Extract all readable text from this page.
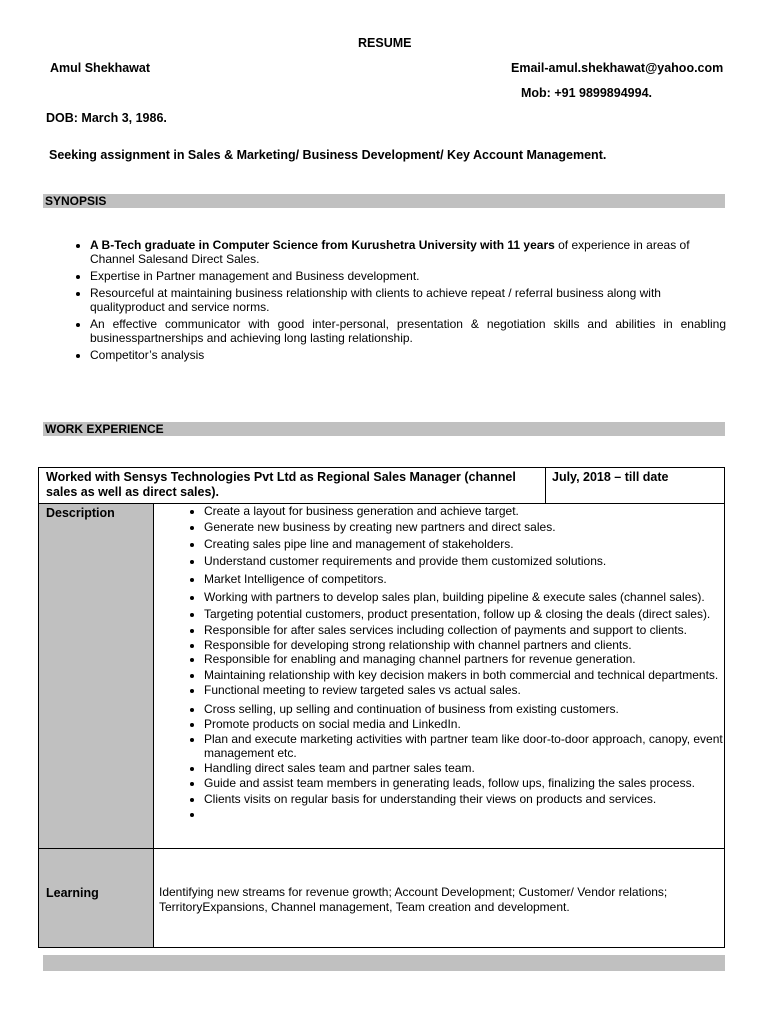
RESUME
Amul Shekhawat	Email-amul.shekhawat@yahoo.com
Mob: +91 9899894994.
DOB: March 3, 1986.
Seeking assignment in Sales & Marketing/ Business Development/ Key Account Management.
SYNOPSIS
• A B-Tech graduate in Computer Science from Kurushetra University with 11 years of experience in areas of Channel Salesand Direct Sales.
• Expertise in Partner management and Business development.
• Resourceful at maintaining business relationship with clients to achieve repeat / referral business along with qualityproduct and service norms.
• An effective communicator with good inter-personal, presentation & negotiation skills and abilities in enabling businesspartnerships and achieving long lasting relationship.
• Competitor’s analysis
WORK EXPERIENCE
Worked with Sensys Technologies Pvt Ltd as Regional Sales Manager (channel sales as well as direct sales).
July, 2018 – till date
Description
Learning
• Create a layout for business generation and achieve target.
• Generate new business by creating new partners and direct sales.
• Creating sales pipe line and management of stakeholders.
• Understand customer requirements and provide them customized solutions.
• Market Intelligence of competitors.
• Working with partners to develop sales plan, building pipeline & execute sales (channel sales).
• Targeting potential customers, product presentation, follow up & closing the deals (direct sales).
• Responsible for after sales services including collection of payments and support to clients.
• Responsible for developing strong relationship with channel partners and clients.
• Responsible for enabling and managing channel partners for revenue generation.
• Maintaining relationship with key decision makers in both commercial and technical departments.
• Functional meeting to review targeted sales vs actual sales.
• Cross selling, up selling and continuation of business from existing customers.
• Promote products on social media and LinkedIn.
• Plan and execute marketing activities with partner team like door-to-door approach, canopy, event management etc.
• Handling direct sales team and partner sales team.
• Guide and assist team members in generating leads, follow ups, finalizing the sales process.
• Clients visits on regular basis for understanding their views on products and services.
•
Identifying new streams for revenue growth; Account Development; Customer/ Vendor relations; TerritoryExpansions, Channel management, Team creation and development.
